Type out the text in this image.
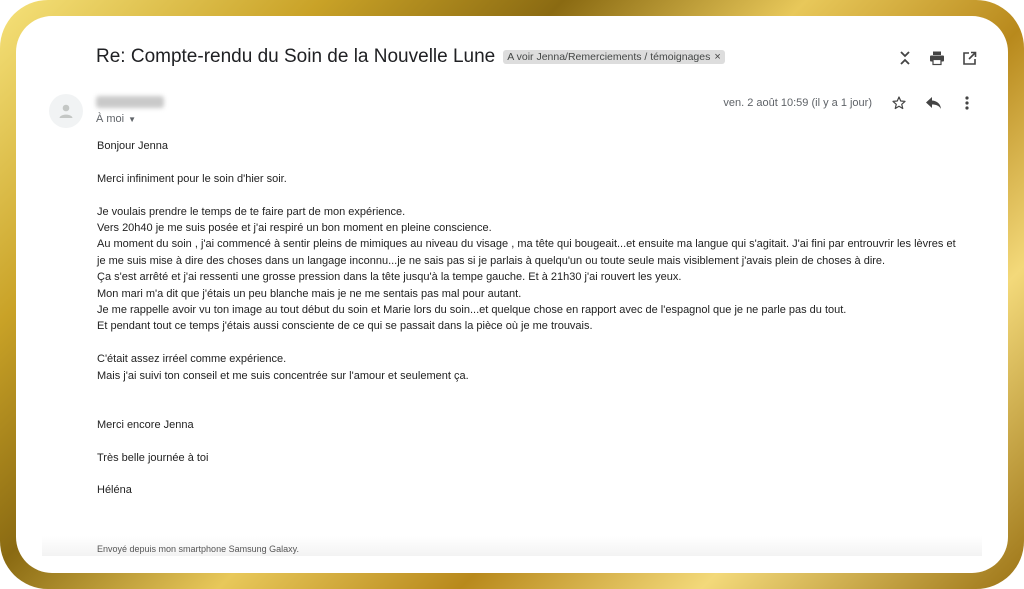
Re: Compte-rendu du Soin de la Nouvelle Lune A voir Jenna/Remerciements / témoignages ×
À moi ▼
ven. 2 août 10:59 (il y a 1 jour)

Bonjour Jenna

Merci infiniment pour le soin d'hier soir.

Je voulais prendre le temps de te faire part de mon expérience.

Vers 20h40 je me suis posée et j'ai respiré un bon moment en pleine conscience.

Au moment du soin , j'ai commencé à sentir pleins de mimiques au niveau du visage , ma tête qui bougeait...et ensuite ma langue qui s'agitait. J'ai fini par entrouvrir les lèvres et

je me suis mise à dire des choses dans un langage inconnu...je ne sais pas si je parlais à quelqu'un ou toute seule mais visiblement j'avais plein de choses à dire.

Ça s'est arrêté et j'ai ressenti une grosse pression dans la tête jusqu'à la tempe gauche. Et à 21h30 j'ai rouvert les yeux.

Mon mari m'a dit que j'étais un peu blanche mais je ne me sentais pas mal pour autant.

Je me rappelle avoir vu ton image au tout début du soin et Marie lors du soin...et quelque chose en rapport avec de l'espagnol que je ne parle pas du tout.

Et pendant tout ce temps j'étais aussi consciente de ce qui se passait dans la pièce où je me trouvais.

C'était assez irréel comme expérience.

Mais j'ai suivi ton conseil et me suis concentrée sur l'amour et seulement ça.

Merci encore Jenna

Très belle journée à toi

Héléna

Envoyé depuis mon smartphone Samsung Galaxy.
